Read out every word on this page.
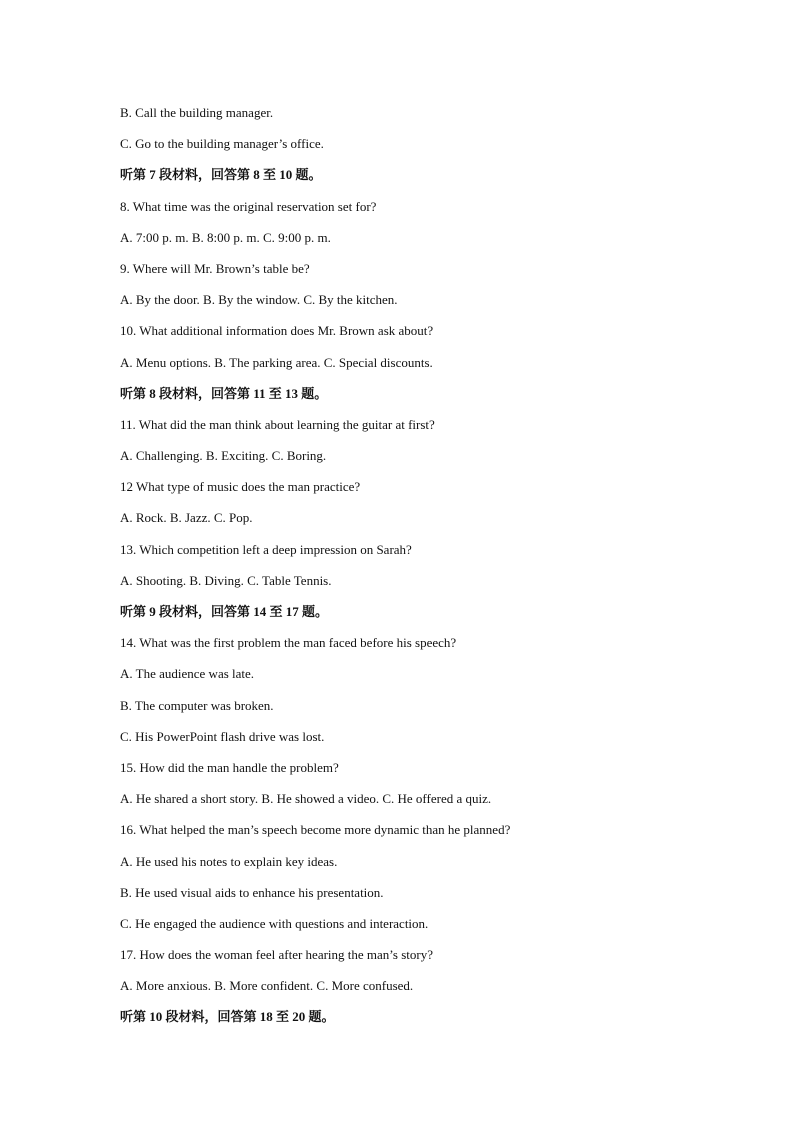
B. Call the building manager.
C. Go to the building manager’s office.
听第 7 段材料，回答第 8 至 10 题。
8. What time was the original reservation set for?
A. 7:00 p. m. B. 8:00 p. m. C. 9:00 p. m.
9. Where will Mr. Brown’s table be?
A. By the door. B. By the window. C. By the kitchen.
10. What additional information does Mr. Brown ask about?
A. Menu options. B. The parking area. C. Special discounts.
听第 8 段材料，回答第 11 至 13 题。
11. What did the man think about learning the guitar at first?
A. Challenging. B. Exciting. C. Boring.
12 What type of music does the man practice?
A. Rock. B. Jazz. C. Pop.
13. Which competition left a deep impression on Sarah?
A. Shooting. B. Diving. C. Table Tennis.
听第 9 段材料，回答第 14 至 17 题。
14. What was the first problem the man faced before his speech?
A. The audience was late.
B. The computer was broken.
C. His PowerPoint flash drive was lost.
15. How did the man handle the problem?
A. He shared a short story. B. He showed a video. C. He offered a quiz.
16. What helped the man’s speech become more dynamic than he planned?
A. He used his notes to explain key ideas.
B. He used visual aids to enhance his presentation.
C. He engaged the audience with questions and interaction.
17. How does the woman feel after hearing the man’s story?
A. More anxious. B. More confident. C. More confused.
听第 10 段材料，回答第 18 至 20 题。
